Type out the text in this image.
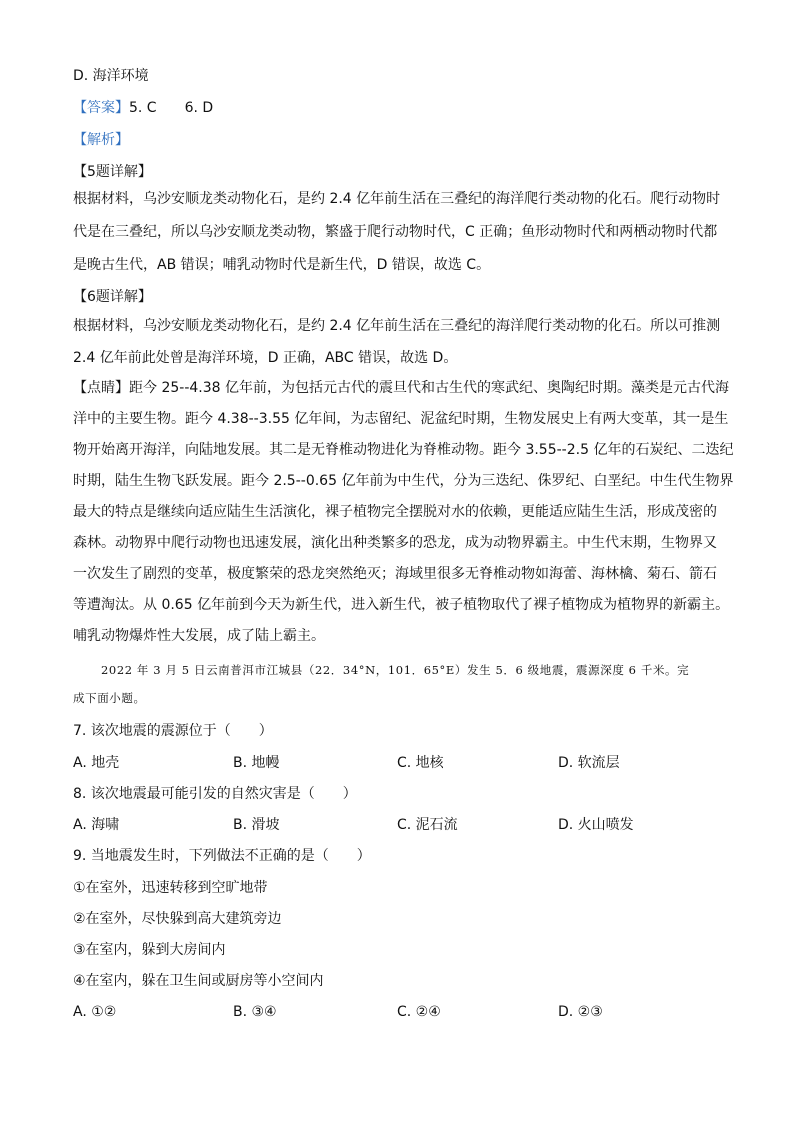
D. 海洋环境
【答案】5. C　　6. D
【解析】
【5题详解】
根据材料，乌沙安顺龙类动物化石，是约 2.4 亿年前生活在三叠纪的海洋爬行类动物的化石。爬行动物时
代是在三叠纪，所以乌沙安顺龙类动物，繁盛于爬行动物时代，C 正确；鱼形动物时代和两栖动物时代都
是晚古生代，AB 错误；哺乳动物时代是新生代，D 错误，故选 C。
【6题详解】
根据材料，乌沙安顺龙类动物化石，是约 2.4 亿年前生活在三叠纪的海洋爬行类动物的化石。所以可推测
2.4 亿年前此处曾是海洋环境，D 正确，ABC 错误，故选 D。
【点睛】距今 25--4.38 亿年前，为包括元古代的震旦代和古生代的寒武纪、奥陶纪时期。藻类是元古代海
洋中的主要生物。距今 4.38--3.55 亿年间，为志留纪、泥盆纪时期，生物发展史上有两大变革，其一是生
物开始离开海洋，向陆地发展。其二是无脊椎动物进化为脊椎动物。距今 3.55--2.5 亿年的石炭纪、二迭纪
时期，陆生生物飞跃发展。距今 2.5--0.65 亿年前为中生代，分为三迭纪、侏罗纪、白垩纪。中生代生物界
最大的特点是继续向适应陆生生活演化，裸子植物完全摆脱对水的依赖，更能适应陆生生活，形成茂密的
森林。动物界中爬行动物也迅速发展，演化出种类繁多的恐龙，成为动物界霸主。中生代末期，生物界又
一次发生了剧烈的变革，极度繁荣的恐龙突然绝灭；海域里很多无脊椎动物如海蕾、海林檎、菊石、箭石
等遭淘汰。从 0.65 亿年前到今天为新生代，进入新生代，被子植物取代了裸子植物成为植物界的新霸主。
哺乳动物爆炸性大发展，成了陆上霸主。
2022 年 3 月 5 日云南普洱市江城县（22．34°N，101．65°E）发生 5．6 级地震，震源深度 6 千米。完
成下面小题。
7. 该次地震的震源位于（　　）
A. 地壳	B. 地幔	C. 地核	D. 软流层
8. 该次地震最可能引发的自然灾害是（　　）
A. 海啸	B. 滑坡	C. 泥石流	D. 火山喷发
9. 当地震发生时，下列做法不正确的是（　　）
①在室外，迅速转移到空旷地带
②在室外，尽快躲到高大建筑旁边
③在室内，躲到大房间内
④在室内，躲在卫生间或厨房等小空间内
A. ①②	B. ③④	C. ②④	D. ②③
